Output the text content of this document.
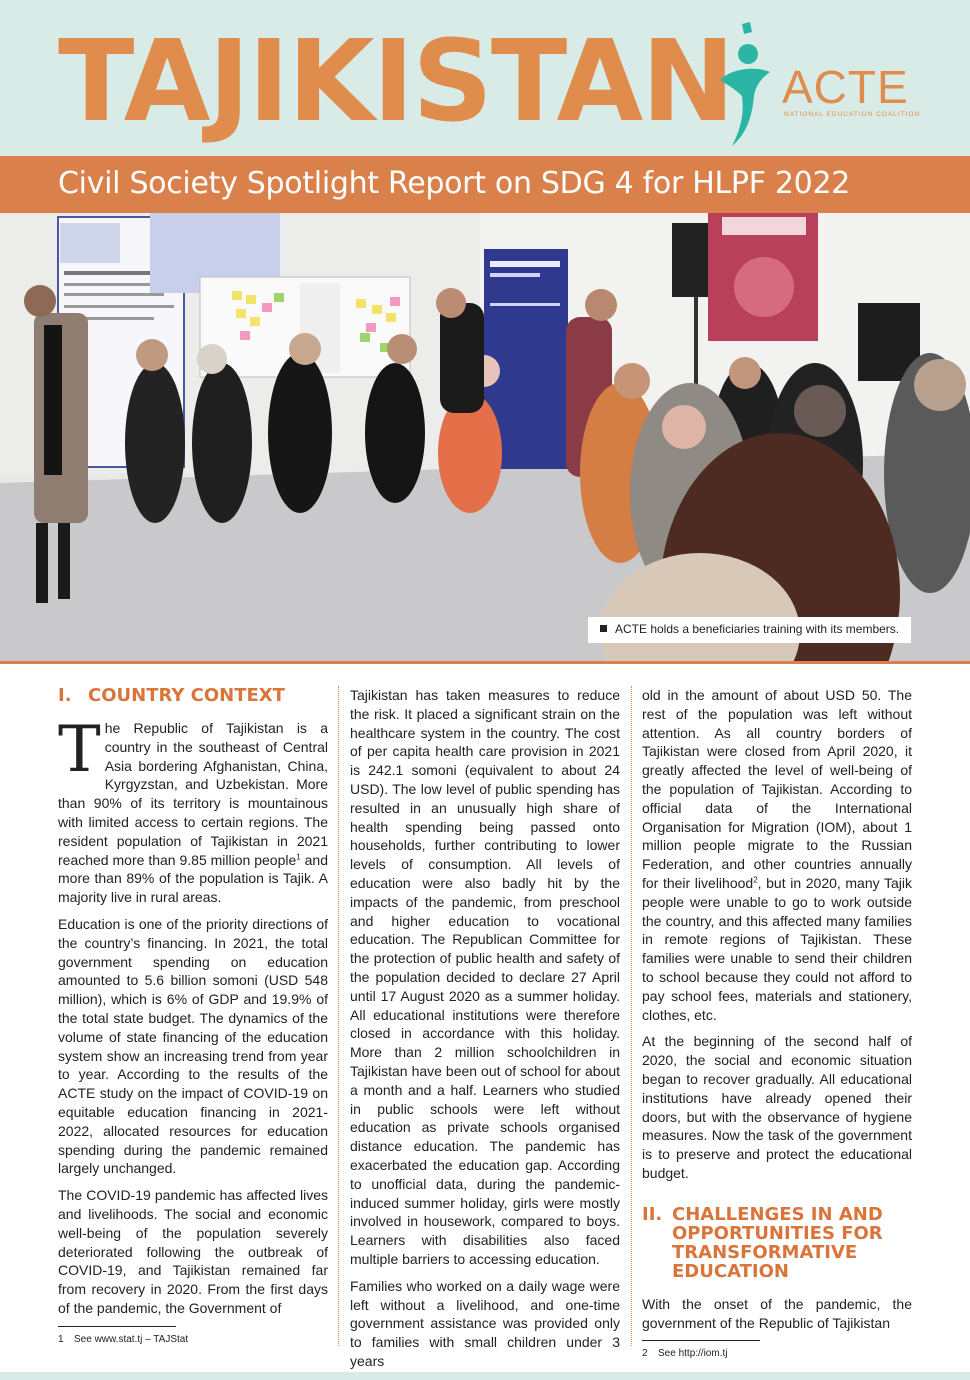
TAJIKISTAN ACTE
NATIONAL EDUCATION COALITION
Civil Society Spotlight Report on SDG 4 for HLPF 2022
ACTE holds a beneficiaries training with its members.
I. COUNTRY CONTEXT

The Republic of Tajikistan is a country in the southeast of Central Asia bordering Afghanistan, China, Kyrgyzstan, and Uzbekistan. More than 90% of its territory is mountainous with limited access to certain regions. The resident population of Tajikistan in 2021 reached more than 9.85 million people$^1$ and more than 89% of the population is Tajik. A majority live in rural areas.

Education is one of the priority directions of the country’s financing. In 2021, the total government spending on education amounted to 5.6 billion somoni (USD 548 million), which is 6% of GDP and 19.9% of the total state budget. The dynamics of the volume of state financing of the education system show an increasing trend from year to year. According to the results of the ACTE study on the impact of COVID-19 on equitable education financing in 2021-2022, allocated resources for education spending during the pandemic remained largely unchanged.

The COVID-19 pandemic has affected lives and livelihoods. The social and economic well-being of the population severely deteriorated following the outbreak of COVID-19, and Tajikistan remained far from recovery in 2020. From the first days of the pandemic, the Government of

1 See www.stat.tj – TAJStat

Tajikistan has taken measures to reduce the risk. It placed a significant strain on the healthcare system in the country. The cost of per capita health care provision in 2021 is 242.1 somoni (equivalent to about 24 USD). The low level of public spending has resulted in an unusually high share of health spending being passed onto households, further contributing to lower levels of consumption. All levels of education were also badly hit by the impacts of the pandemic, from preschool and higher education to vocational education. The Republican Committee for the protection of public health and safety of the population decided to declare 27 April until 17 August 2020 as a summer holiday. All educational institutions were therefore closed in accordance with this holiday. More than 2 million schoolchildren in Tajikistan have been out of school for about a month and a half. Learners who studied in public schools were left without education as private schools organised distance education. The pandemic has exacerbated the education gap. According to unofficial data, during the pandemic-induced summer holiday, girls were mostly involved in housework, compared to boys. Learners with disabilities also faced multiple barriers to accessing education.

Families who worked on a daily wage were left without a livelihood, and one-time government assistance was provided only to families with small children under 3 years

old in the amount of about USD 50. The rest of the population was left without attention. As all country borders of Tajikistan were closed from April 2020, it greatly affected the level of well-being of the population of Tajikistan. According to official data of the International Organisation for Migration (IOM), about 1 million people migrate to the Russian Federation, and other countries annually for their livelihood$^2$, but in 2020, many Tajik people were unable to go to work outside the country, and this affected many families in remote regions of Tajikistan. These families were unable to send their children to school because they could not afford to pay school fees, materials and stationery, clothes, etc.

At the beginning of the second half of 2020, the social and economic situation began to recover gradually. All educational institutions have already opened their doors, but with the observance of hygiene measures. Now the task of the government is to preserve and protect the educational budget.

II. CHALLENGES IN AND OPPORTUNITIES FOR TRANSFORMATIVE EDUCATION

With the onset of the pandemic, the government of the Republic of Tajikistan

2 See http://iom.tj
